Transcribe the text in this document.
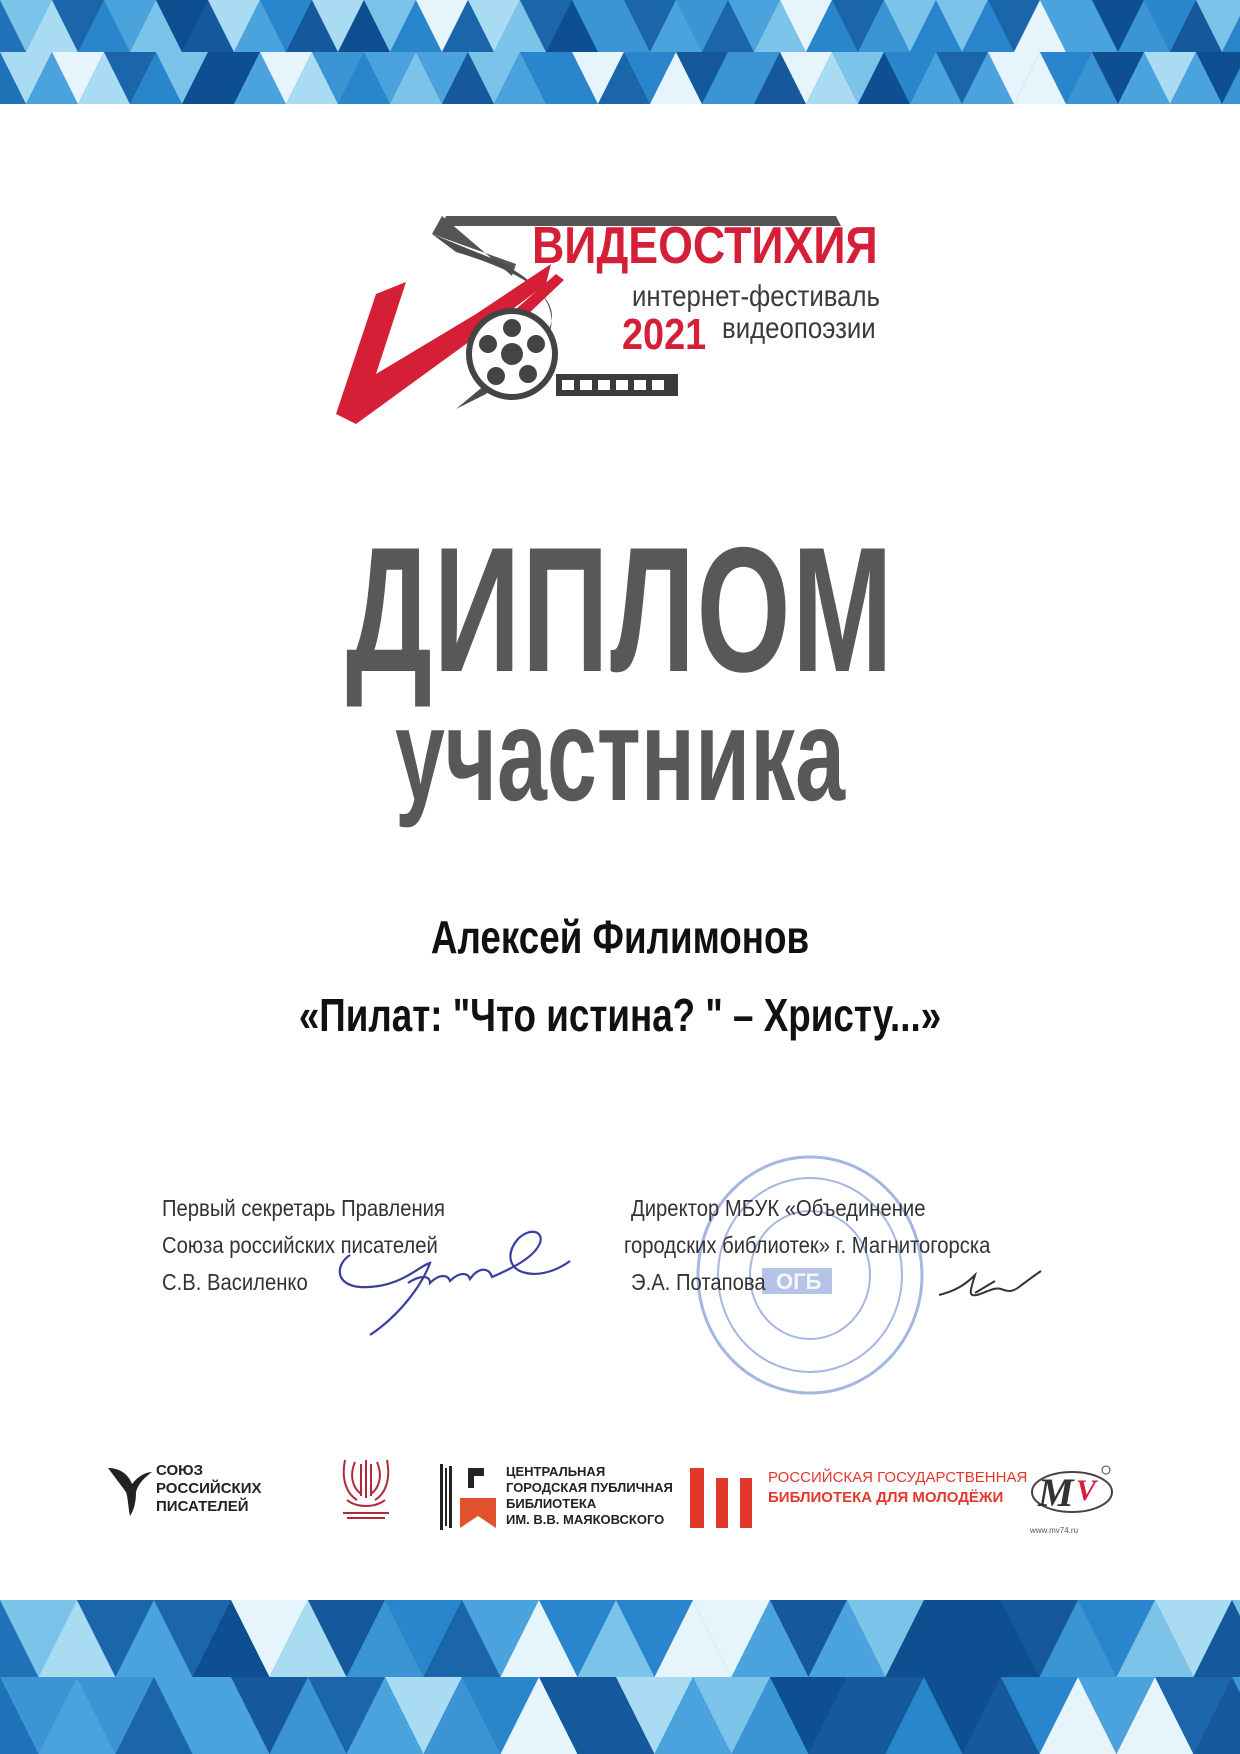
ВИДЕОСТИХИЯ
интернет-фестиваль
видеопоэзии
2021
ДИПЛОМ
участника
Алексей Филимонов
«Пилат: "Что истина? " – Христу...»
ОГБ
Первый секретарь Правления
Союза российских писателей
С.В. Василенко
Директор МБУК «Объединение
городских библиотек» г. Магнитогорска
Э.А. Потапова
СОЮЗ
РОССИЙСКИХ
ПИСАТЕЛЕЙ
ЦЕНТРАЛЬНАЯ
ГОРОДСКАЯ ПУБЛИЧНАЯ
БИБЛИОТЕКА
ИМ. В.В. МАЯКОВСКОГО
РОССИЙСКАЯ ГОСУДАРСТВЕННАЯ
БИБЛИОТЕКА ДЛЯ МОЛОДЁЖИ M V
www.mv74.ru
